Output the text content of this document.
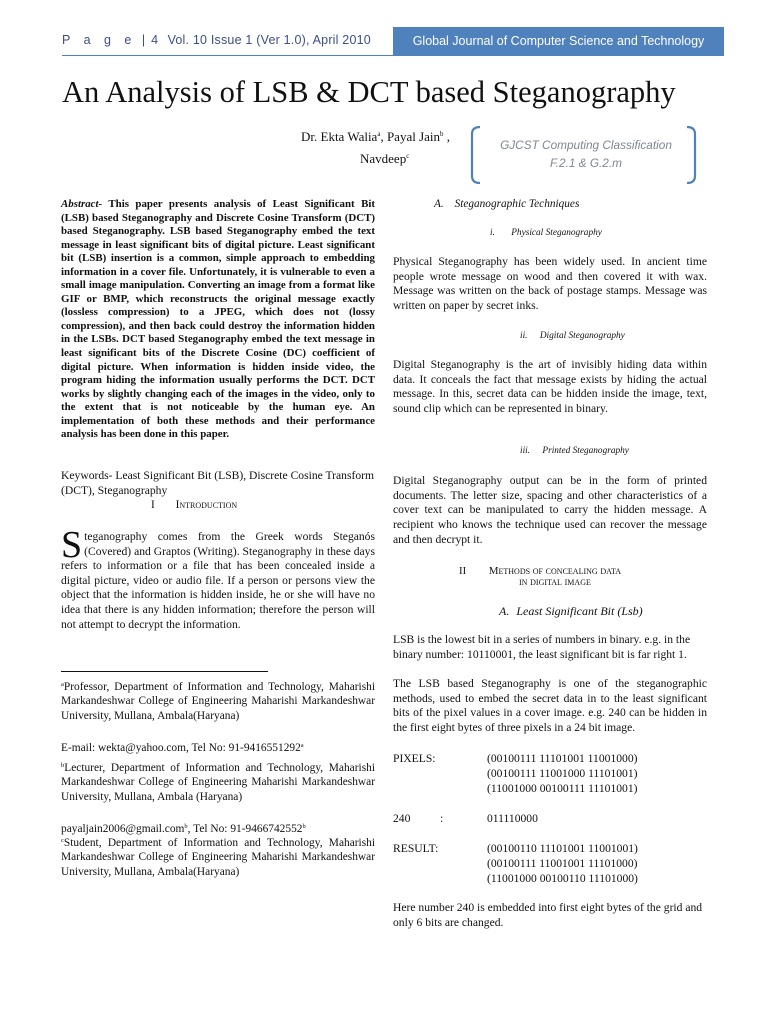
P a g e | 4 Vol. 10 Issue 1 (Ver 1.0), April 2010	Global Journal of Computer Science and Technology
An Analysis of LSB & DCT based Steganography
Dr. Ekta Walia$^a$, Payal Jain$^b$ ,
Navdeep$^c$
GJCST Computing Classification
F.2.1 & G.2.m
Abstract- This paper presents analysis of Least Significant Bit (LSB) based Steganography and Discrete Cosine Transform (DCT) based Steganography. LSB based Steganography embed the text message in least significant bits of digital picture. Least significant bit (LSB) insertion is a common, simple approach to embedding information in a cover file. Unfortunately, it is vulnerable to even a small image manipulation. Converting an image from a format like GIF or BMP, which reconstructs the original message exactly (lossless compression) to a JPEG, which does not (lossy compression), and then back could destroy the information hidden in the LSBs. DCT based Steganography embed the text message in least significant bits of the Discrete Cosine (DC) coefficient of digital picture. When information is hidden inside video, the program hiding the information usually performs the DCT. DCT works by slightly changing each of the images in the video, only to the extent that is not noticeable by the human eye. An implementation of both these methods and their performance analysis has been done in this paper.
Keywords- Least Significant Bit (LSB), Discrete Cosine Transform (DCT), Steganography
I Introduction
Steganography comes from the Greek words Steganós (Covered) and Graptos (Writing). Steganography in these days refers to information or a file that has been concealed inside a digital picture, video or audio file. If a person or persons view the object that the information is hidden inside, he or she will have no idea that there is any hidden information; therefore the person will not attempt to decrypt the information.
$^a$Professor, Department of Information and Technology, Maharishi Markandeshwar College of Engineering Maharishi Markandeshwar University, Mullana, Ambala(Haryana)
E-mail: wekta@yahoo.com, Tel No: 91-9416551292$^a$
$^b$Lecturer, Department of Information and Technology, Maharishi Markandeshwar College of Engineering Maharishi Markandeshwar University, Mullana, Ambala (Haryana)
payaljain2006@gmail.com$^b$, Tel No: 91-9466742552$^b$
$^c$Student, Department of Information and Technology, Maharishi Markandeshwar College of Engineering Maharishi Markandeshwar University, Mullana, Ambala(Haryana)
A. Steganographic Techniques
i. Physical Steganography
Physical Steganography has been widely used. In ancient time people wrote message on wood and then covered it with wax. Message was written on the back of postage stamps. Message was written on paper by secret inks.
ii. Digital Steganography
Digital Steganography is the art of invisibly hiding data within data. It conceals the fact that message exists by hiding the actual message. In this, secret data can be hidden inside the image, text, sound clip which can be represented in binary.
iii. Printed Steganography
Digital Steganography output can be in the form of printed documents. The letter size, spacing and other characteristics of a cover text can be manipulated to carry the hidden message. A recipient who knows the technique used can recover the message and then decrypt it.
II Methods of concealing data
in digital image
A. Least Significant Bit (Lsb)
LSB is the lowest bit in a series of numbers in binary. e.g. in the binary number: 10110001, the least significant bit is far right 1.
The LSB based Steganography is one of the steganographic methods, used to embed the secret data in to the least significant bits of the pixel values in a cover image. e.g. 240 can be hidden in the first eight bytes of three pixels in a 24 bit image.
PIXELS:	(00100111 11101001 11001000)
(00100111 11001000 11101001)
(11001000 00100111 11101001)
240	:	011110000
RESULT:	(00100110 11101001 11001001)
(00100111 11001001 11101000)
(11001000 00100110 11101000)
Here number 240 is embedded into first eight bytes of the grid and only 6 bits are changed.
